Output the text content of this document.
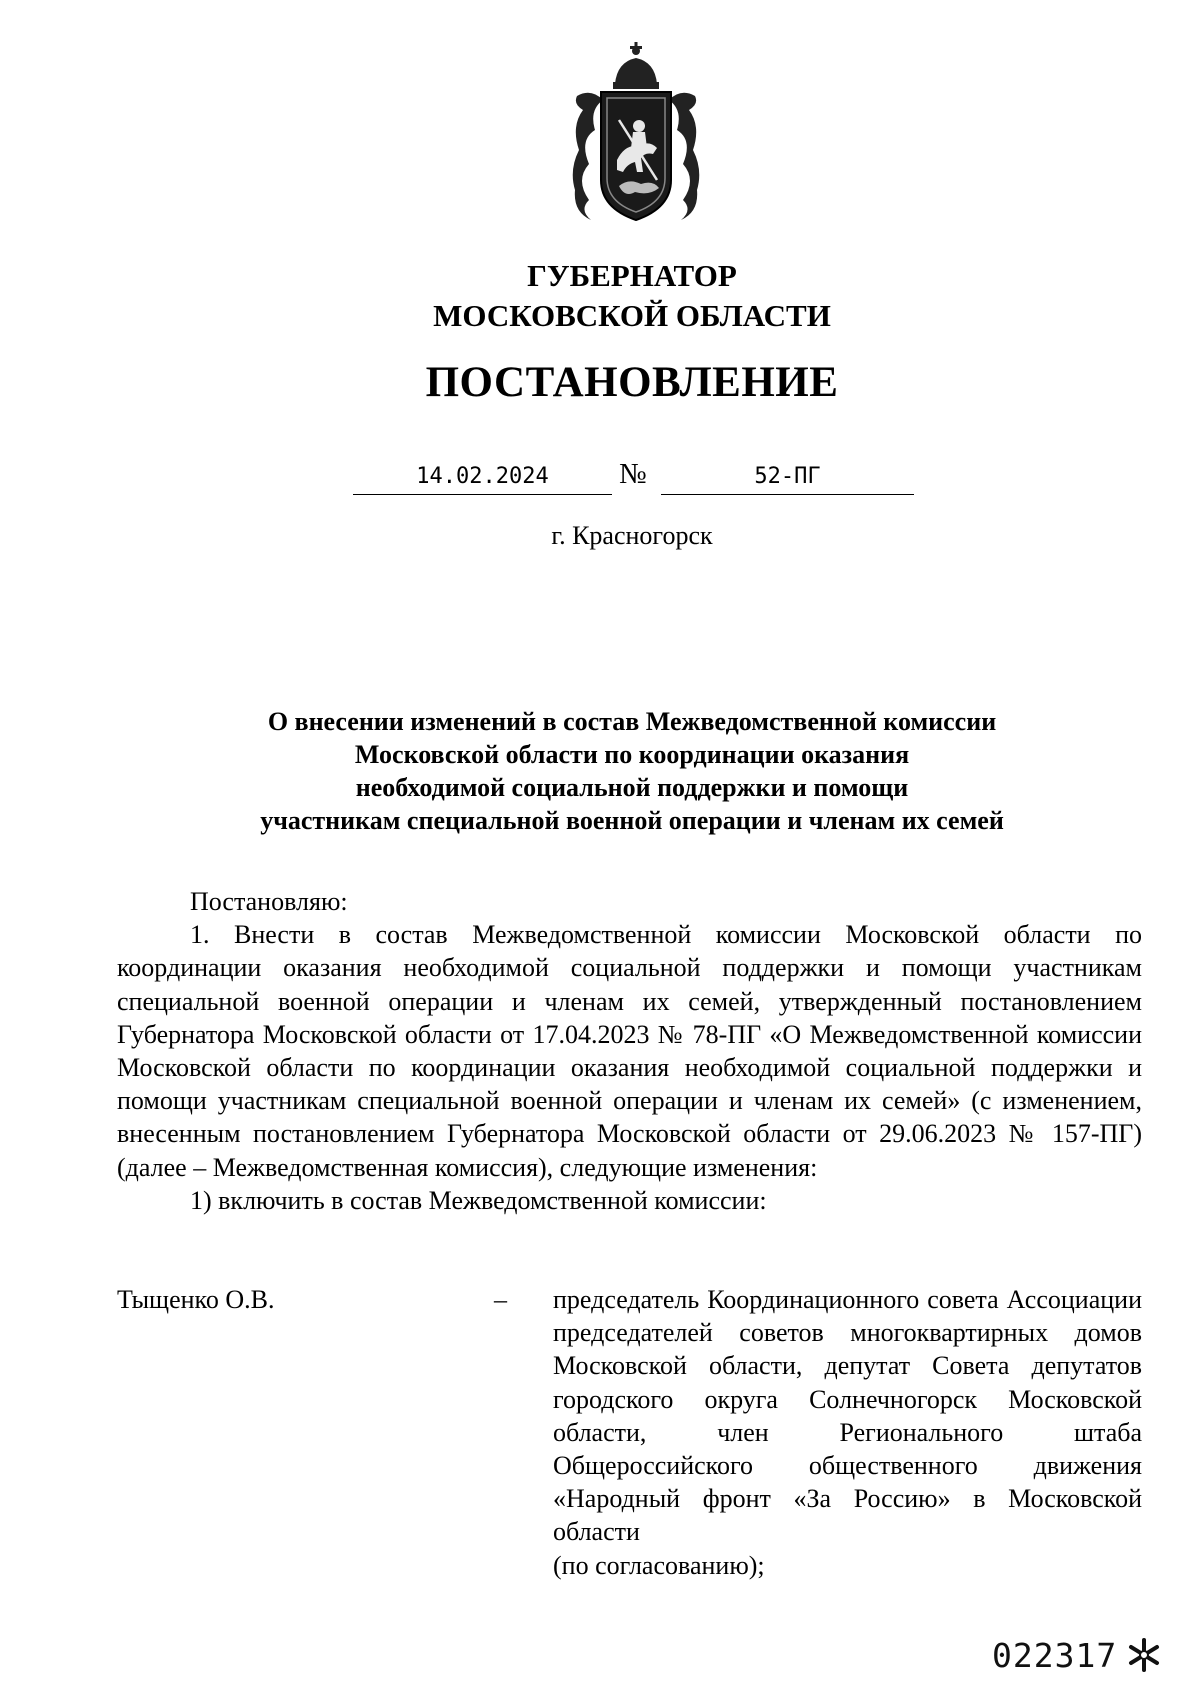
ГУБЕРНАТОР
МОСКОВСКОЙ ОБЛАСТИ
ПОСТАНОВЛЕНИЕ
14.02.2024	№	52-ПГ
г. Красногорск
О внесении изменений в состав Межведомственной комиссии
Московской области по координации оказания
необходимой социальной поддержки и помощи
участникам специальной военной операции и членам их семей

Постановляю:

1. Внести в состав Межведомственной комиссии Московской области по координации оказания необходимой социальной поддержки и помощи участникам специальной военной операции и членам их семей, утвержденный постановлением Губернатора Московской области от 17.04.2023 № 78-ПГ «О Межведомственной комиссии Московской области по координации оказания необходимой социальной поддержки и помощи участникам специальной военной операции и членам их семей» (с изменением, внесенным постановлением Губернатора Московской области от 29.06.2023 № 157-ПГ) (далее – Межведомственная комиссия), следующие изменения:

1) включить в состав Межведомственной комиссии:

Тыщенко О.В.	– председатель Координационного совета Ассоциации председателей советов многоквартирных домов Московской области, депутат Совета депутатов городского округа Солнечногорск Московской области, член Регионального штаба Общероссийского общественного движения «Народный фронт «За Россию» в Московской области
(по согласованию);
022317
